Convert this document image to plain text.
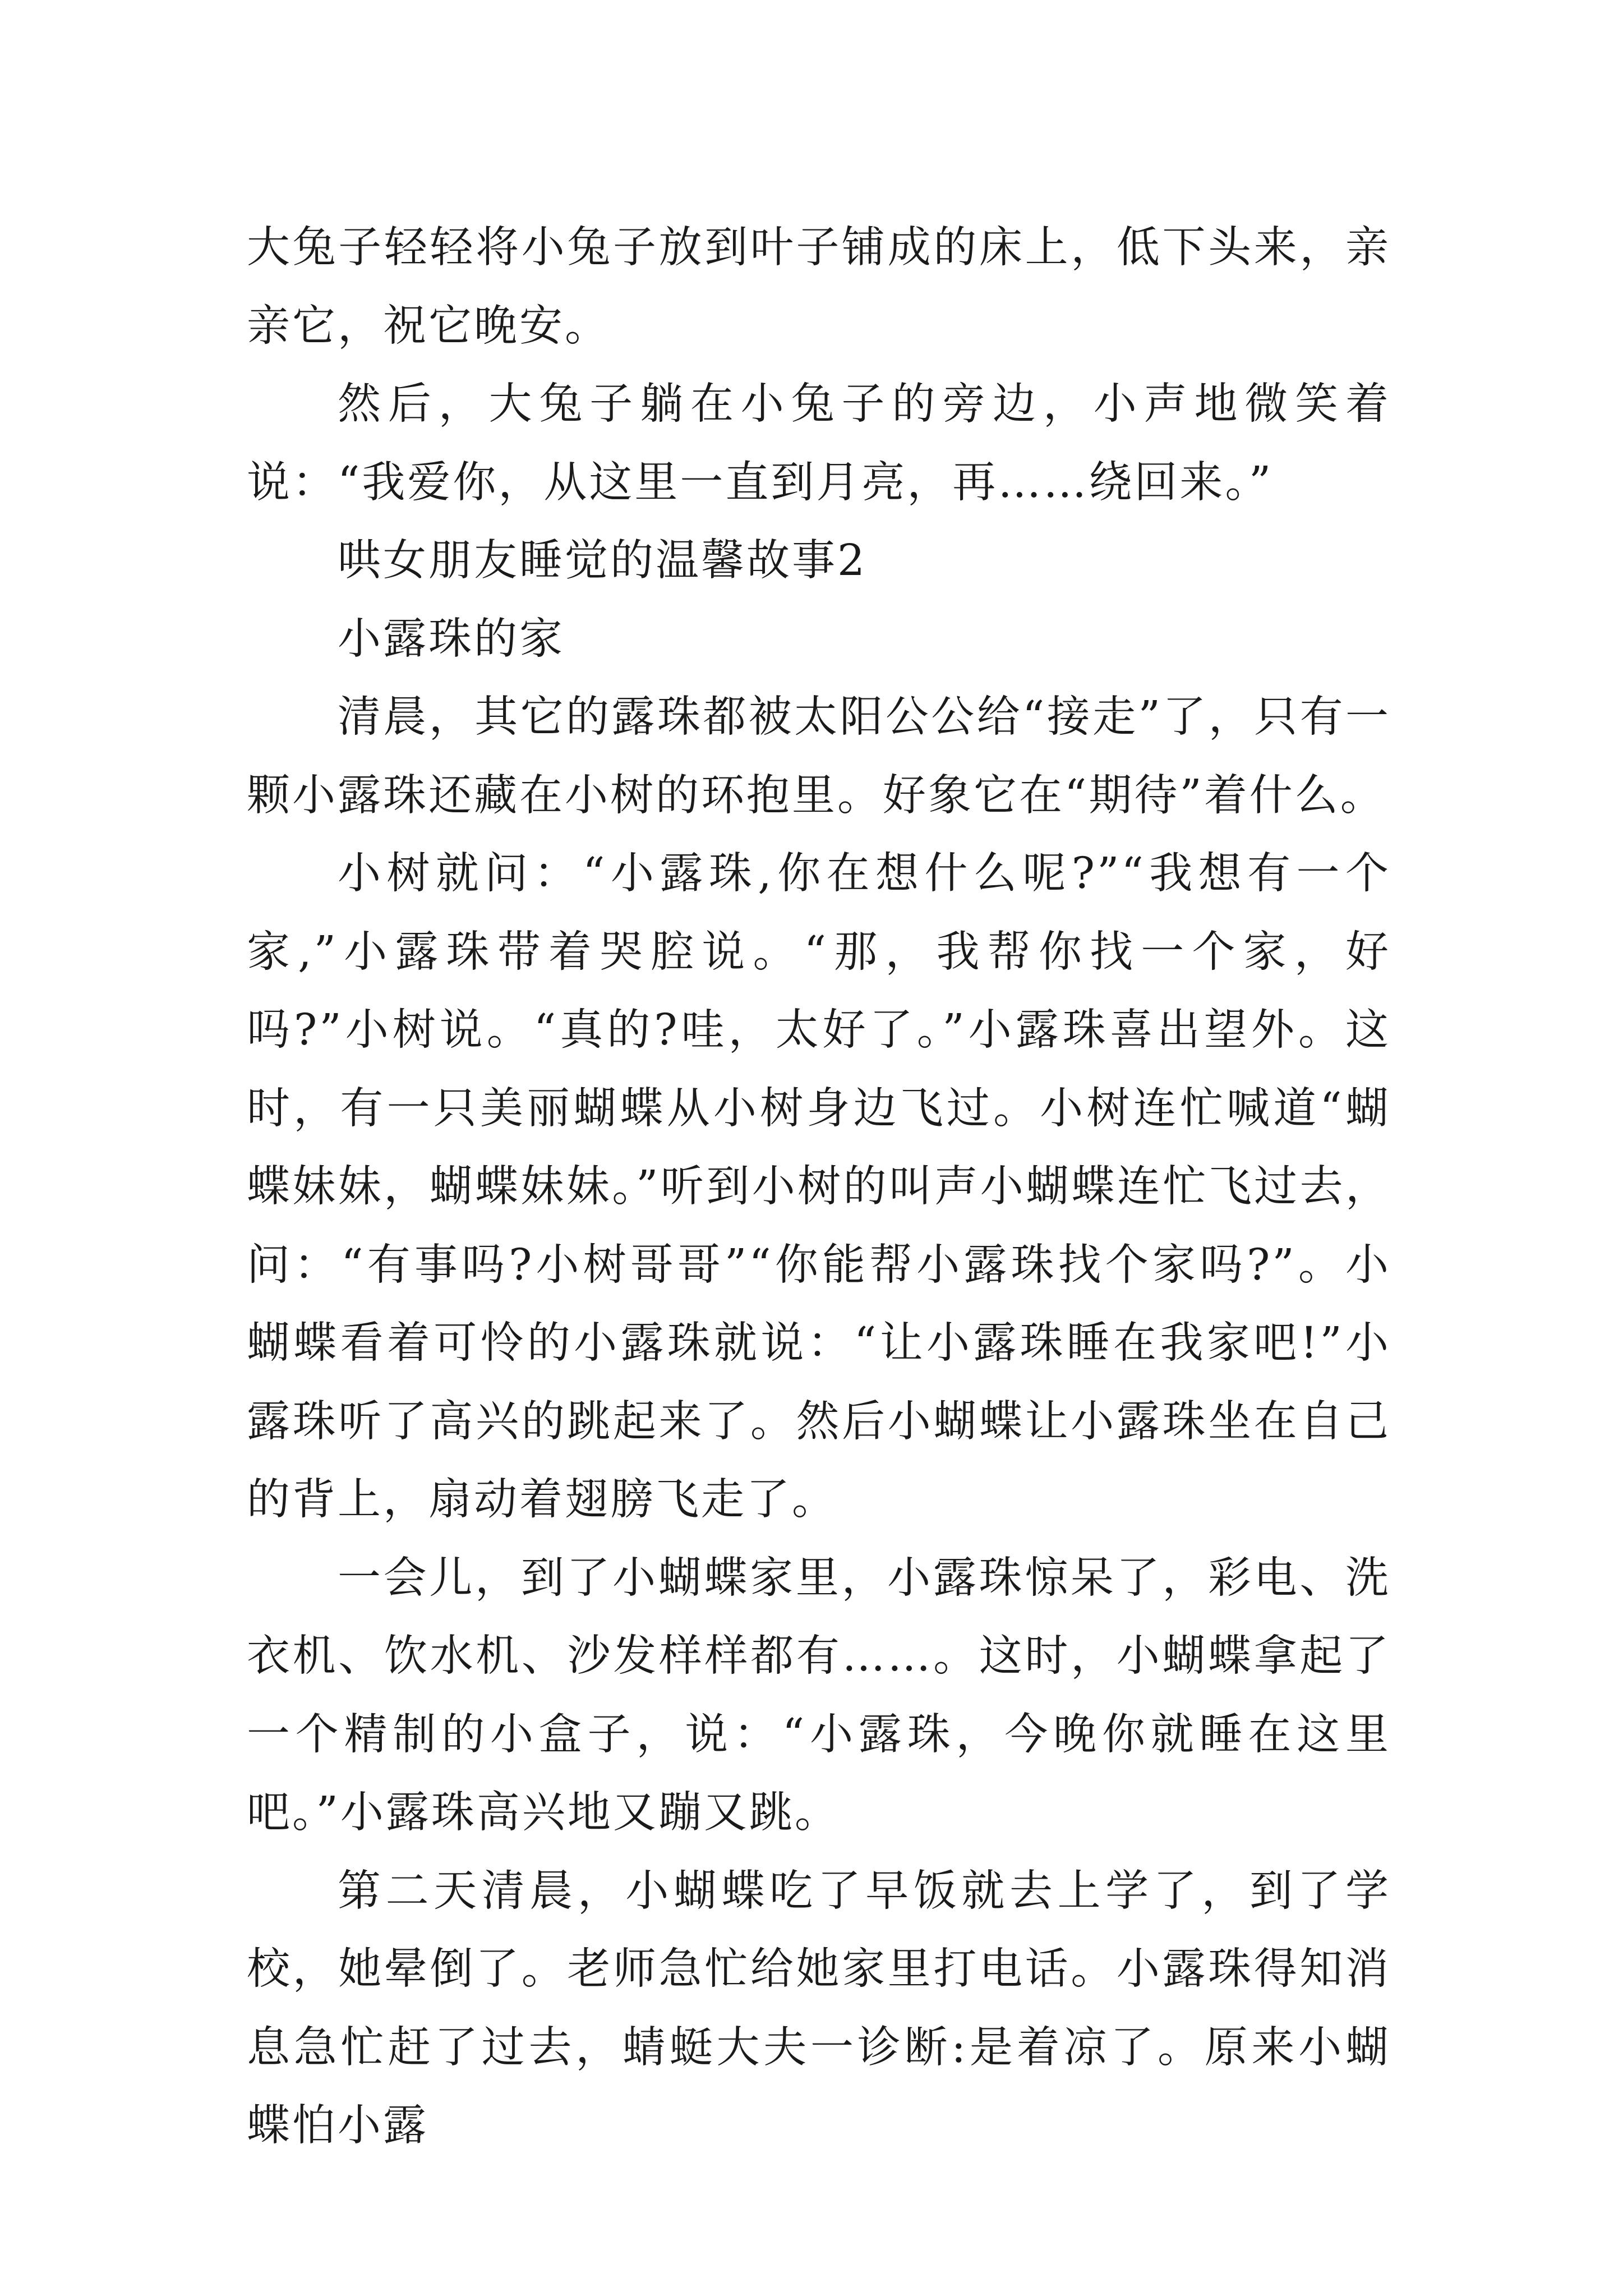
大兔子轻轻将小兔子放到叶子铺成的床上，低下头来，亲亲它，祝它晚安。

然后，大兔子躺在小兔子的旁边，小声地微笑着说：“我爱你，从这里一直到月亮，再……绕回来。”

哄女朋友睡觉的温馨故事2

小露珠的家

清晨，其它的露珠都被太阳公公给“接走”了，只有一颗小露珠还藏在小树的环抱里。好象它在“期待”着什么。

小树就问：“小露珠,你在想什么呢?”“我想有一个家,”小露珠带着哭腔说。“那，我帮你找一个家，好吗?”小树说。“真的?哇，太好了。”小露珠喜出望外。这时，有一只美丽蝴蝶从小树身边飞过。小树连忙喊道“蝴蝶妹妹，蝴蝶妹妹。”听到小树的叫声小蝴蝶连忙飞过去，问：“有事吗?小树哥哥”“你能帮小露珠找个家吗?”。小蝴蝶看着可怜的小露珠就说：“让小露珠睡在我家吧!”小露珠听了高兴的跳起来了。然后小蝴蝶让小露珠坐在自己的背上，扇动着翅膀飞走了。

一会儿，到了小蝴蝶家里，小露珠惊呆了，彩电、洗衣机、饮水机、沙发样样都有……。这时，小蝴蝶拿起了一个精制的小盒子，说：“小露珠，今晚你就睡在这里吧。”小露珠高兴地又蹦又跳。

第二天清晨，小蝴蝶吃了早饭就去上学了，到了学校，她晕倒了。老师急忙给她家里打电话。小露珠得知消息急忙赶了过去，蜻蜓大夫一诊断:是着凉了。原来小蝴蝶怕小露
